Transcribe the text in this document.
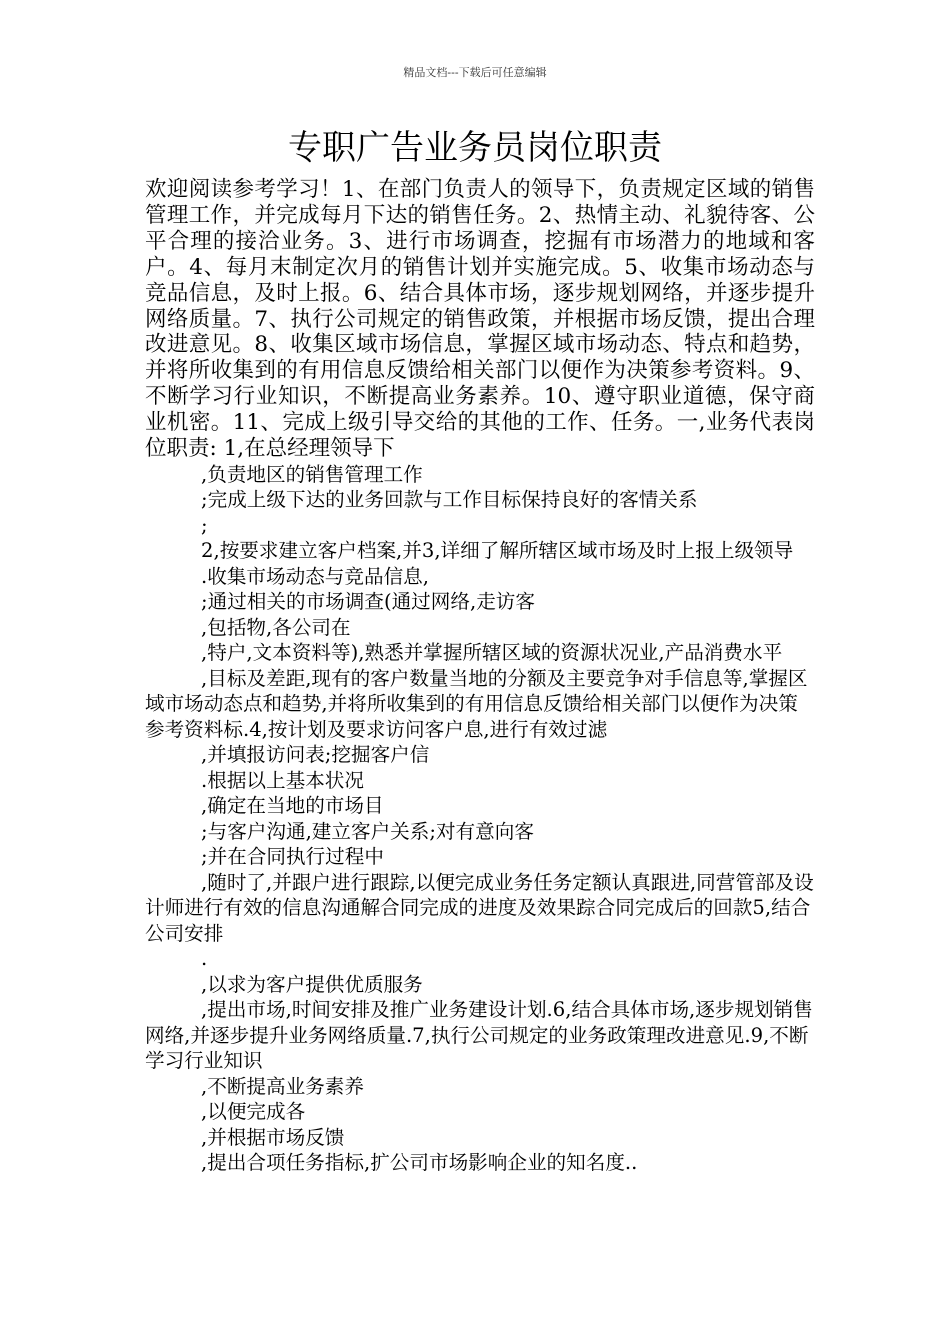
精品文档---下载后可任意编辑
专职广告业务员岗位职责

欢迎阅读参考学习！1、在部门负责人的领导下，负责规定区域的销售管理工作，并完成每月下达的销售任务。2、热情主动、礼貌待客、公平合理的接洽业务。3、进行市场调查，挖掘有市场潜力的地域和客户。4、每月末制定次月的销售计划并实施完成。5、收集市场动态与竞品信息，及时上报。6、结合具体市场，逐步规划网络，并逐步提升网络质量。7、执行公司规定的销售政策，并根据市场反馈，提出合理改进意见。8、收集区域市场信息，掌握区域市场动态、特点和趋势，并将所收集到的有用信息反馈给相关部门以便作为决策参考资料。9、不断学习行业知识，不断提高业务素养。10、遵守职业道德，保守商业机密。11、完成上级引导交给的其他的工作、任务。一,业务代表岗位职责: 1,在总经理领导下

,负责地区的销售管理工作

;完成上级下达的业务回款与工作目标保持良好的客情关系

;

2,按要求建立客户档案,并3,详细了解所辖区域市场及时上报上级领导

.收集市场动态与竞品信息,

;通过相关的市场调查(通过网络,走访客

,包括物,各公司在

,特户,文本资料等),熟悉并掌握所辖区域的资源状况业,产品消费水平

,目标及差距,现有的客户数量当地的分额及主要竞争对手信息等,掌握区域市场动态点和趋势,并将所收集到的有用信息反馈给相关部门以便作为决策参考资料标.4,按计划及要求访问客户息,进行有效过滤

,并填报访问表;挖掘客户信

.根据以上基本状况

,确定在当地的市场目

;与客户沟通,建立客户关系;对有意向客

;并在合同执行过程中

,随时了,并跟户进行跟踪,以便完成业务任务定额认真跟进,同营管部及设计师进行有效的信息沟通解合同完成的进度及效果踪合同完成后的回款5,结合公司安排

.

,以求为客户提供优质服务

,提出市场,时间安排及推广业务建设计划.6,结合具体市场,逐步规划销售网络,并逐步提升业务网络质量.7,执行公司规定的业务政策理改进意见.9,不断学习行业知识

,不断提高业务素养

,以便完成各

,并根据市场反馈

,提出合项任务指标,扩公司市场影响企业的知名度..
